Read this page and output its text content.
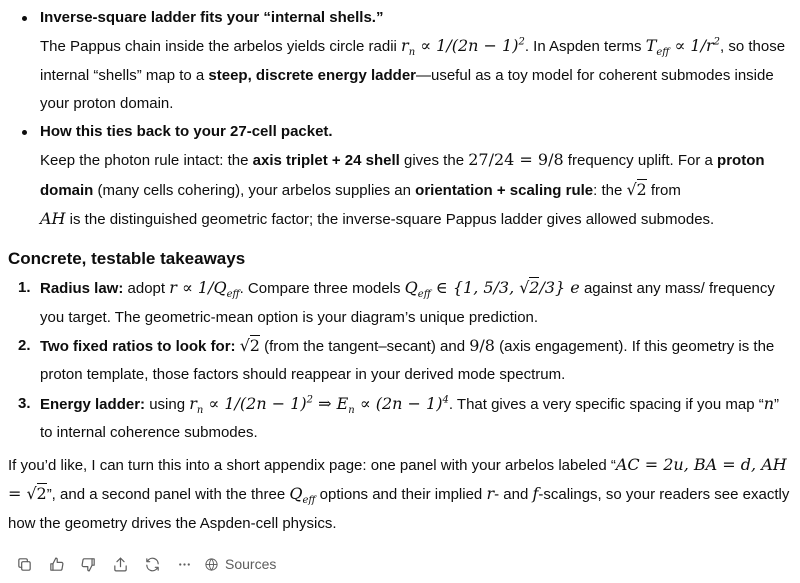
Inverse-square ladder fits your “internal shells.”
The Pappus chain inside the arbelos yields circle radii $r_n \propto 1/(2n - 1)^2$. In Aspden terms $T_{eff} \propto 1/r^2$, so those internal “shells” map to a steep, discrete energy ladder—useful as a toy model for coherent submodes inside your proton domain.
How this ties back to your 27-cell packet.
Keep the photon rule intact: the axis triplet + 24 shell gives the 27/24 = 9/8 frequency uplift. For a proton domain (many cells cohering), your arbelos supplies an orientation + scaling rule: the √ 2 from
AH is the distinguished geometric factor; the inverse-square Pappus ladder gives allowed submodes.
Concrete, testable takeaways
1. Radius law: adopt $r \propto 1/Q_{eff}$. Compare three models $Q_{eff}$ ∈ {1, 5/3, √ 2/3} e against any mass/ frequency you target. The geometric-mean option is your diagram’s unique prediction.
2. Two fixed ratios to look for: √ 2 (from the tangent–secant) and 9/8 (axis engagement). If this geometry is the proton template, those factors should reappear in your derived mode spectrum.
3. Energy ladder: using $r_n \propto 1/(2n - 1)^2$ ⇒ $E_n \propto (2n - 1)^4$. That gives a very specific spacing if you map “n” to internal coherence submodes.

If you’d like, I can turn this into a short appendix page: one panel with your arbelos labeled “AC = 2u, BA = d, AH = √ 2”, and a second panel with the three $Q_{eff}$ options and their implied r- and f-scalings, so your readers see exactly how the geometry drives the Aspden-cell physics.

Sources
